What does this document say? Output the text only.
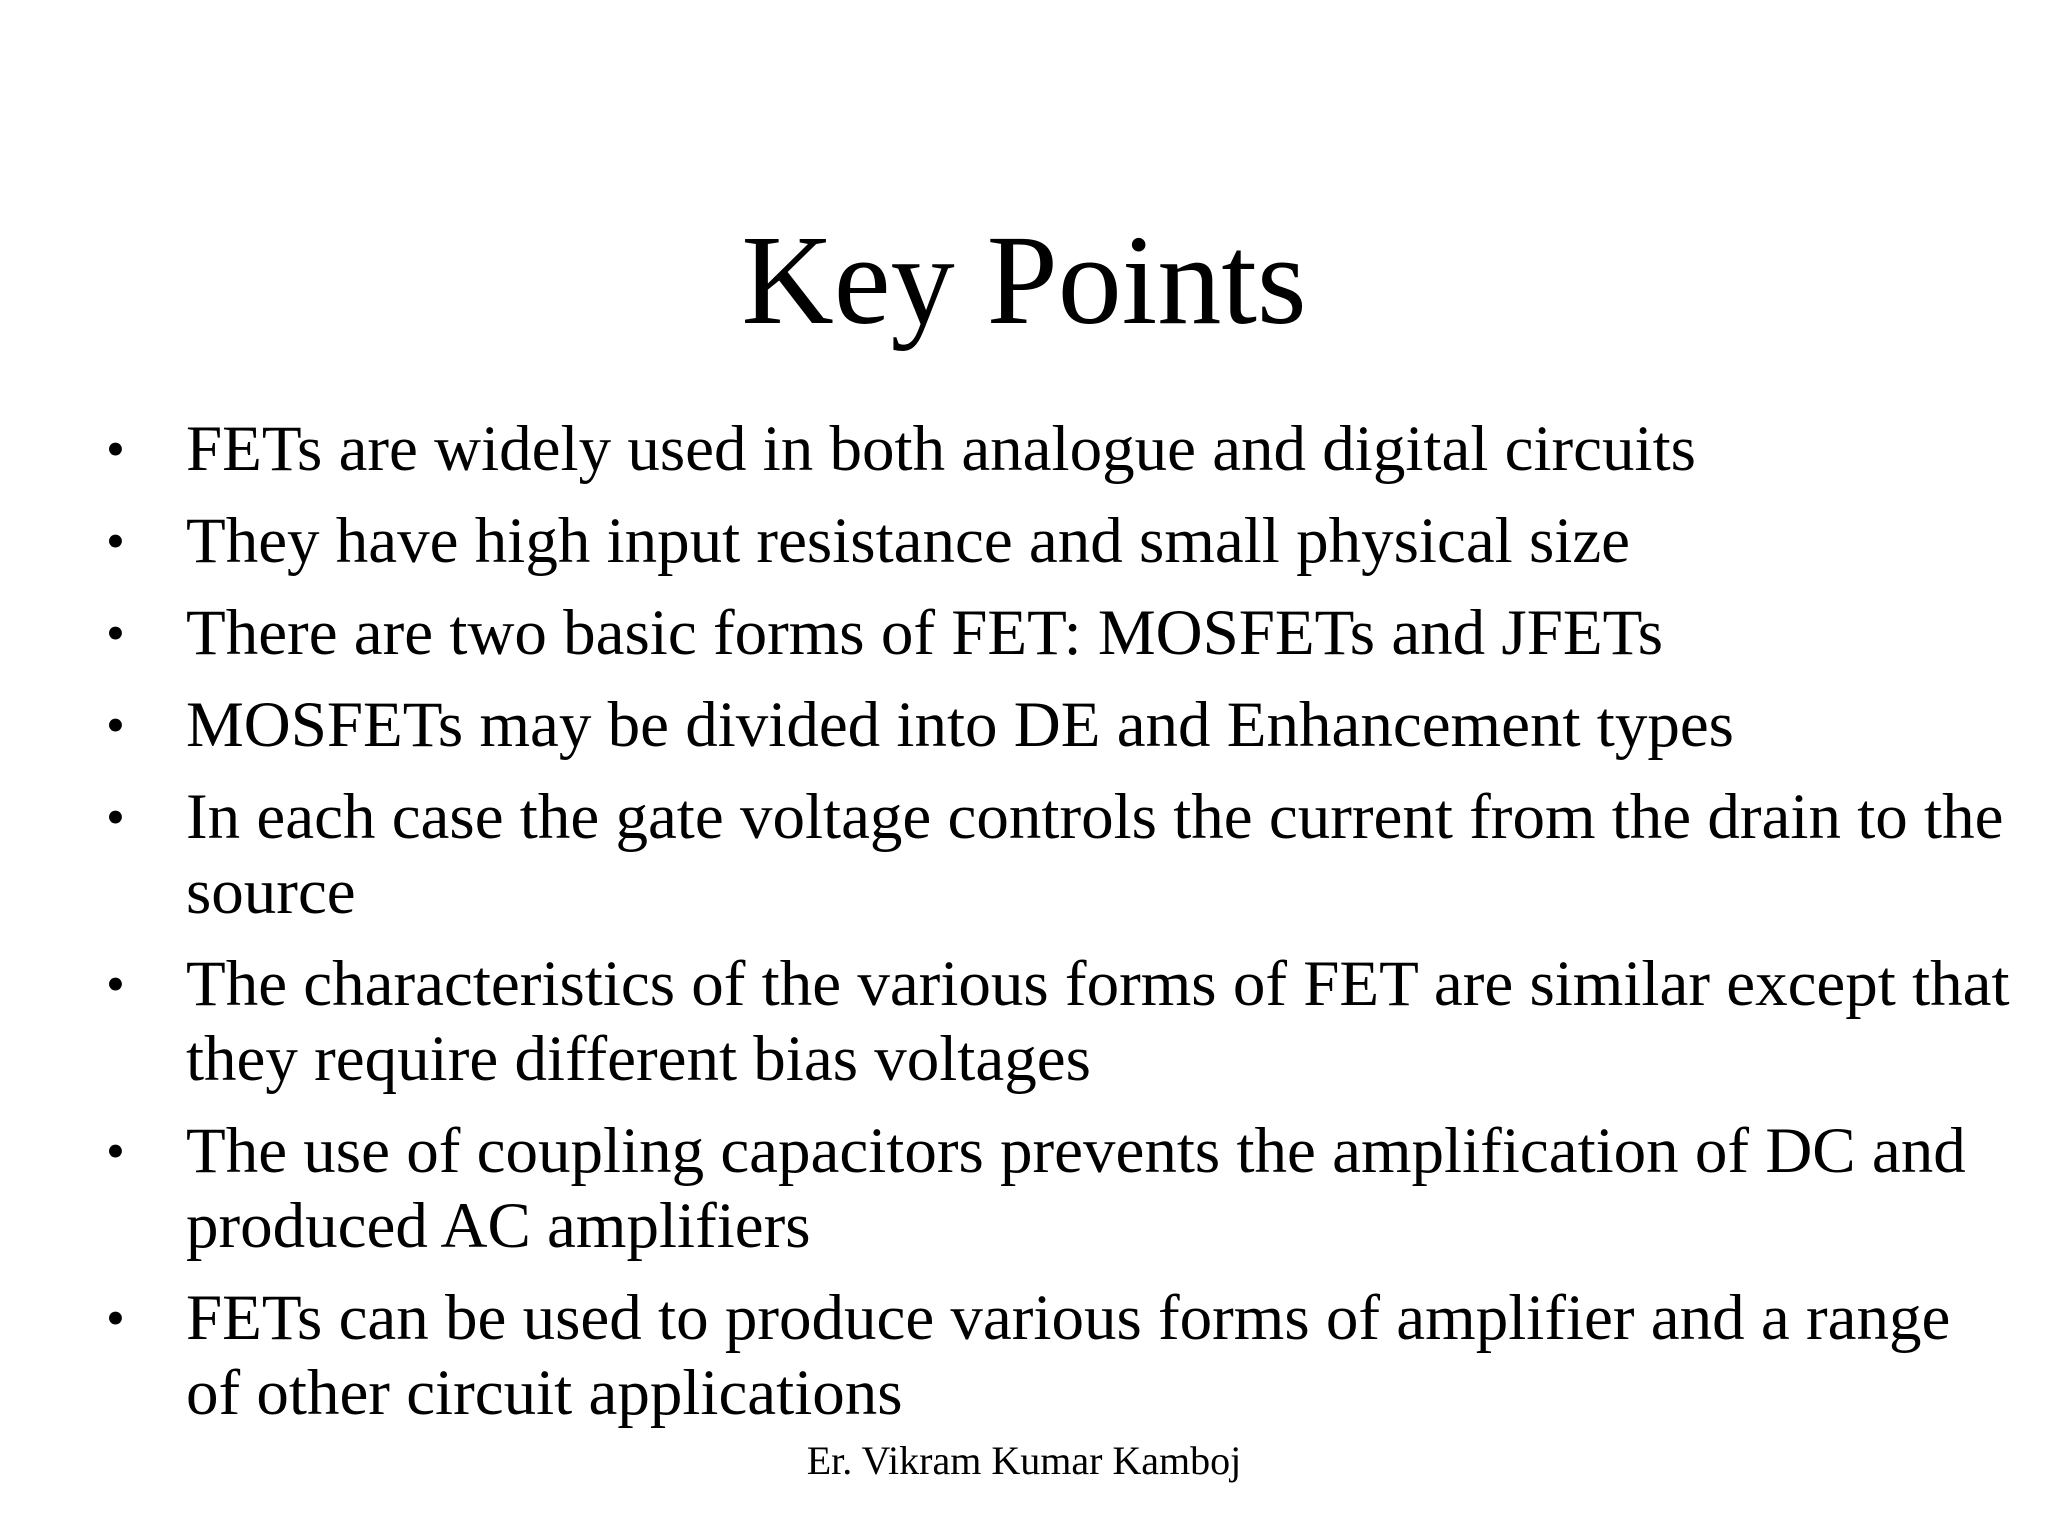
Key Points
• FETs are widely used in both analogue and digital circuits
• They have high input resistance and small physical size
• There are two basic forms of FET: MOSFETs and JFETs
• MOSFETs may be divided into DE and Enhancement types
• In each case the gate voltage controls the current from the drain to the source
• The characteristics of the various forms of FET are similar except that they require different bias voltages
• The use of coupling capacitors prevents the amplification of DC and produced AC amplifiers
• FETs can be used to produce various forms of amplifier and a range of other circuit applications
Er. Vikram Kumar Kamboj
